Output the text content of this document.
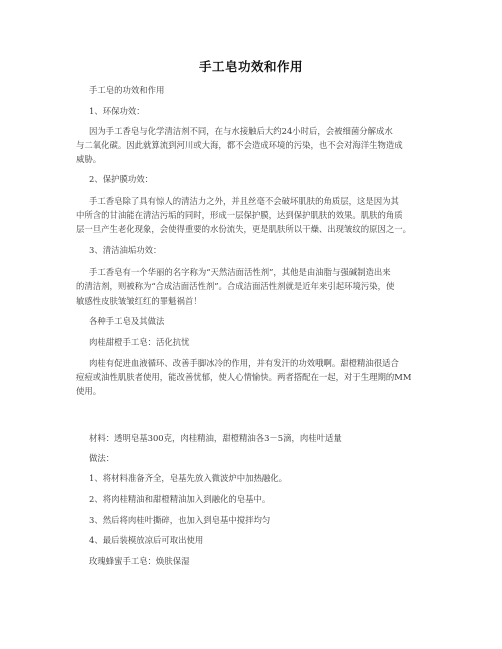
手工皂功效和作用
手工皂的功效和作用
1、环保功效：
因为手工香皂与化学清洁剂不同，在与水接触后大约24小时后，会被细菌分解成水
与二氧化碳。因此就算流到河川或大海，都不会造成环境的污染，也不会对海洋生物造成
威胁。
2、保护膜功效：
手工香皂除了具有惊人的清洁力之外，并且丝毫不会破坏肌肤的角质层，这是因为其
中所含的甘油能在清洁污垢的同时，形成一层保护膜，达到保护肌肤的效果。肌肤的角质
层一旦产生老化现象，会使得重要的水份流失，更是肌肤所以干燥、出现皱纹的原因之一。
3、清洁油垢功效：
手工香皂有一个华丽的名字称为“天然洁面活性剂”，其他是由油脂与强碱制造出来
的清洁剂，则被称为“合成洁面活性剂”。合成洁面活性剂就是近年来引起环境污染，使
敏感性皮肤皱皱红红的罪魁祸首！
各种手工皂及其做法
肉桂甜橙手工皂：活化抗忧
肉桂有促进血液循环、改善手脚冰冷的作用，并有发汗的功效哦啊。甜橙精油很适合
痘痘或油性肌肤者使用，能改善忧郁，使人心情愉快。两者搭配在一起，对于生理期的MM
使用。
材料：透明皂基300克，肉桂精油，甜橙精油各3－5滴，肉桂叶适量
做法：
1、将材料准备齐全，皂基先放入微波炉中加热融化。
2、将肉桂精油和甜橙精油加入到融化的皂基中。
3、然后将肉桂叶撕碎，也加入到皂基中搅拌均匀
4、最后装模放凉后可取出使用
玫瑰蜂蜜手工皂：焕肤保湿
